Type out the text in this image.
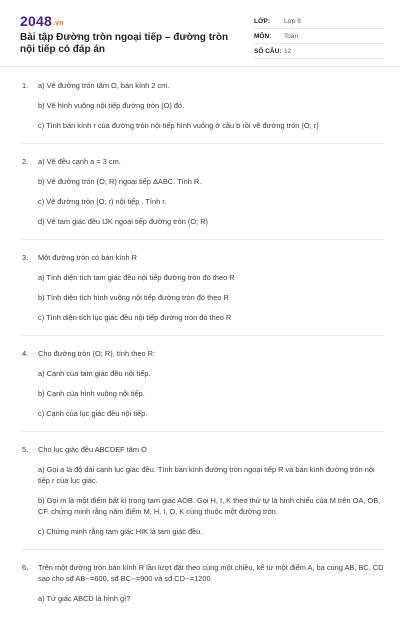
2048.vn
Bài tập Đường tròn ngoại tiếp – đường tròn nội tiếp có đáp án
LỚP:	Lớp 9
MÔN:	Toán
SỐ CÂU: 12
1.	a) Vẽ đường tròn tâm O, bán kính 2 cm.
b) Vẽ hình vuông nội tiếp đường tròn (O) đó.
c) Tính bán kính r của đường tròn nội tiếp hình vuông ở câu b rồi vẽ đường tròn (O; r)
2.	a) Vẽ đều cạnh a = 3 cm.
b) Vẽ đường tròn (O; R) ngoại tiếp ΔABC. Tính R.
c) Vẽ đường tròn (O; r) nội tiếp . Tính r.
d) Vẽ tam giác đều IJK ngoại tiếp đường tròn (O; R)
3.	Một đường tròn có bán kính R
a) Tính diện tích tam giác đều nội tiếp đường tròn đó theo R
b) Tính diện tích hình vuông nội tiếp đường tròn đó theo R
c) Tính diện tích lục giác đều nội tiếp đường tròn đó theo R
4.	Cho đường tròn (O; R), tính theo R:
a) Cạnh của tam giác đều nội tiếp.
b) Cạnh của hình vuông nội tiếp.
c) Cạnh của lục giác đều nội tiếp.
5.	Cho lục giác đều ABCDEF tâm O
a) Gọi a là độ dài cạnh lục giác đều. Tính bán kính đường tròn ngoại tiếp R và bán kính đường tròn nội tiếp r của lục giác.
b) Gọi m là một điểm bất kì trong tam giác AOB. Gọi H, I, K theo thứ tự là hình chiếu của M trên OA, OB, CF. chứng minh rằng năm điểm M, H, I, O, K cùng thuộc một đường tròn.
c) Chứng minh rằng tam giác HIK là tam giác đều.
6.	Trên một đường tròn bán kính R lần lượt đặt theo cùng một chiều, kể từ một điểm A, ba cung AB, BC, CD sao cho sđ AB⌢=600, sđ BC⌢=900 và sđ CD⌢=1200
a) Tứ giác ABCD là hình gì?
